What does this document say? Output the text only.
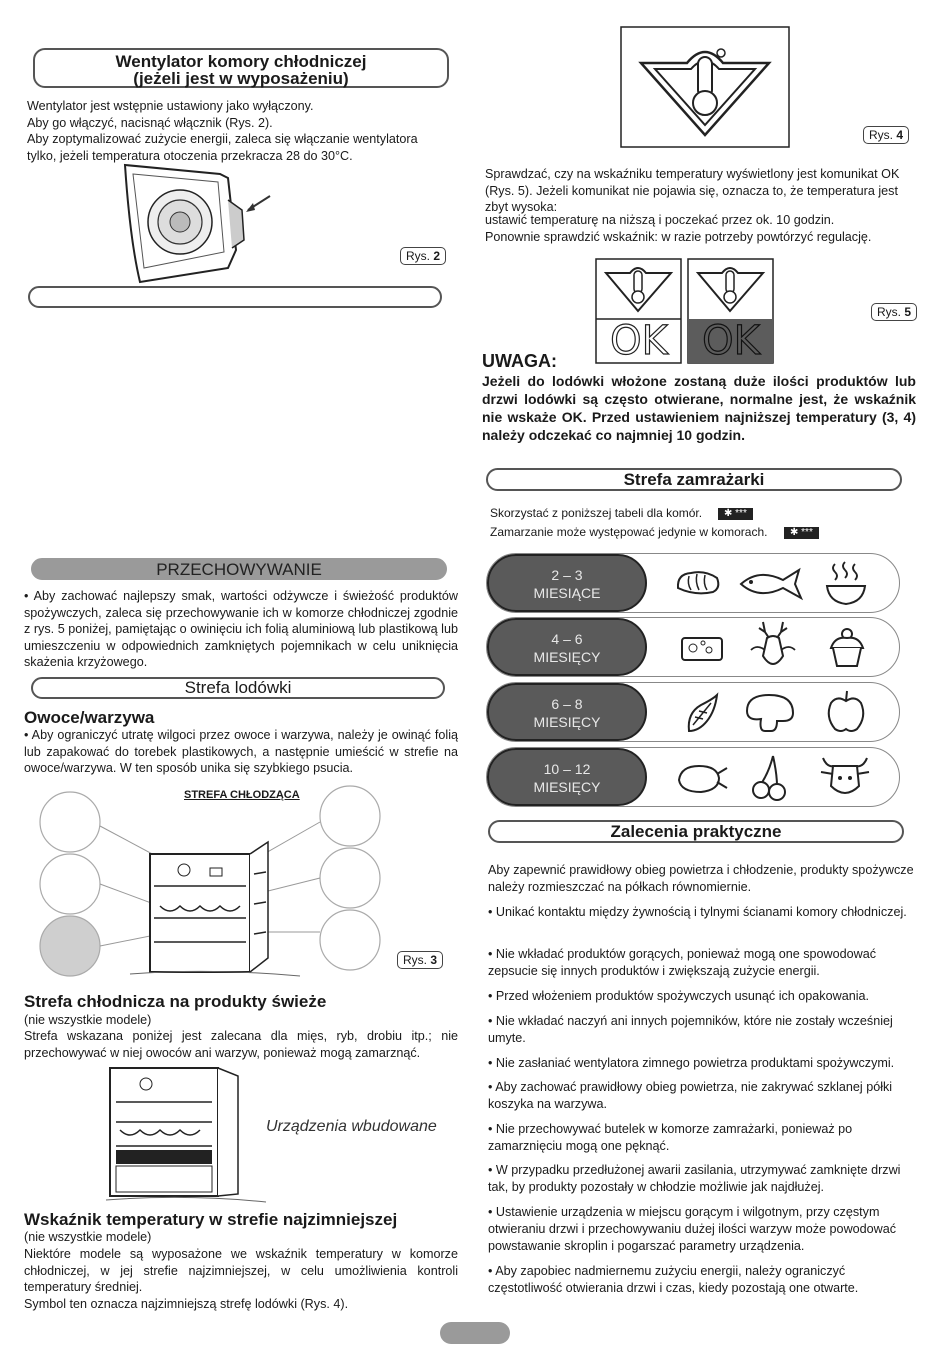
Wentylator komory chłodniczej
(jeżeli jest w wyposażeniu)
Wentylator jest wstępnie ustawiony jako wyłączony.
Aby go włączyć, nacisnąć włącznik (Rys. 2).
Aby zoptymalizować zużycie energii, zaleca się włączanie wentylatora
tylko, jeżeli temperatura otoczenia przekracza 28 do 30°C.
Rys. 2
PRZECHOWYWANIE
• Aby zachować najlepszy smak, wartości odżywcze i świeżość produktów spożywczych, zaleca się przechowywanie ich w komorze chłodniczej zgodnie z rys. 5 poniżej, pamiętając o owinięciu ich folią aluminiową lub plastikową lub umieszczeniu w odpowiednich zamkniętych pojemnikach w celu uniknięcia skażenia krzyżowego.
Strefa lodówki
Owoce/warzywa
• Aby ograniczyć utratę wilgoci przez owoce i warzywa, należy je owinąć folią lub zapakować do torebek plastikowych, a następnie umieścić w strefie na owoce/warzywa. W ten sposób unika się szybkiego psucia.
STREFA CHŁODZĄCA
Rys. 3
Strefa chłodnicza na produkty świeże
(nie wszystkie modele)
Strefa wskazana poniżej jest zalecana dla mięs, ryb, drobiu itp.; nie przechowywać w niej owoców ani warzyw, ponieważ mogą zamarznąć.
Urządzenia wbudowane
Wskaźnik temperatury w strefie najzimniejszej
(nie wszystkie modele)
Niektóre modele są wyposażone we wskaźnik temperatury w komorze chłodniczej, w jej strefie najzimniejszej, w celu umożliwienia kontroli temperatury średniej.
Symbol ten oznacza najzimniejszą strefę lodówki (Rys. 4).
Rys. 4
Sprawdzać, czy na wskaźniku temperatury wyświetlony jest komunikat OK (Rys. 5). Jeżeli komunikat nie pojawia się, oznacza to, że temperatura jest zbyt wysoka:
ustawić temperaturę na niższą i poczekać przez ok. 10 godzin.
Ponownie sprawdzić wskaźnik: w razie potrzeby powtórzyć regulację.
OK OK
Rys. 5
UWAGA:
Jeżeli do lodówki włożone zostaną duże ilości produktów lub drzwi lodówki są często otwierane, normalne jest, że wskaźnik nie wskaże OK. Przed ustawieniem najniższej temperatury (3, 4) należy odczekać co najmniej 10 godzin.
Strefa zamrażarki
Skorzystać z poniższej tabeli dla komór.	✱ ***
Zamarzanie może występować jedynie w komorach.	✱ ***
2 – 3
MIESIĄCE
4 – 6
MIESIĘCY
6 – 8
MIESIĘCY
10 – 12
MIESIĘCY
Zalecenia praktyczne
Aby zapewnić prawidłowy obieg powietrza i chłodzenie, produkty spożywcze należy rozmieszczać na półkach równomiernie.
• Unikać kontaktu między żywnością i tylnymi ścianami komory chłodniczej.
• Nie wkładać produktów gorących, ponieważ mogą one spowodować zepsucie się innych produktów i zwiększają zużycie energii.
• Przed włożeniem produktów spożywczych usunąć ich opakowania.
• Nie wkładać naczyń ani innych pojemników, które nie zostały wcześniej umyte.
• Nie zasłaniać wentylatora zimnego powietrza produktami spożywczymi.
• Aby zachować prawidłowy obieg powietrza, nie zakrywać szklanej półki koszyka na warzywa.
• Nie przechowywać butelek w komorze zamrażarki, ponieważ po zamarznięciu mogą one pęknąć.
• W przypadku przedłużonej awarii zasilania, utrzymywać zamknięte drzwi tak, by produkty pozostały w chłodzie możliwie jak najdłużej.
• Ustawienie urządzenia w miejscu gorącym i wilgotnym, przy częstym otwieraniu drzwi i przechowywaniu dużej ilości warzyw może powodować powstawanie skroplin i pogarszać parametry urządzenia.
• Aby zapobiec nadmiernemu zużyciu energii, należy ograniczyć częstotliwość otwierania drzwi i czas, kiedy pozostają one otwarte.
